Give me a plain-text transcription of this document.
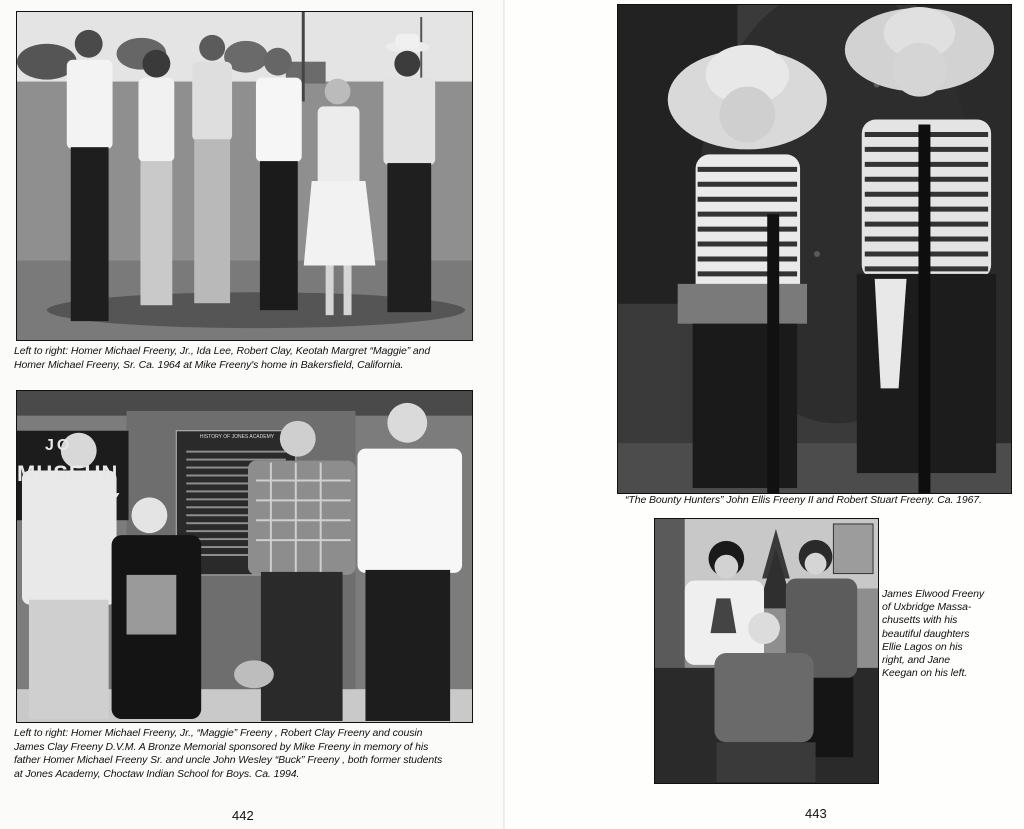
Left to right: Homer Michael Freeny, Jr., Ida Lee, Robert Clay, Keotah Margret “Maggie” and
Homer Michael Freeny, Sr. Ca. 1964 at Mike Freeny's home in Bakersfield, California.
JO
MUSEUN
Y
HISTORY OF JONES ACADEMY
Left to right: Homer Michael Freeny, Jr., “Maggie” Freeny , Robert Clay Freeny and cousin
James Clay Freeny D.V.M. A Bronze Memorial sponsored by Mike Freeny in memory of his
father Homer Michael Freeny Sr. and uncle John Wesley “Buck” Freeny , both former students
at Jones Academy, Choctaw Indian School for Boys. Ca. 1994.
442
“The Bounty Hunters” John Ellis Freeny II and Robert Stuart Freeny. Ca. 1967.
James Elwood Freeny
of Uxbridge Massa-
chusetts with his
beautiful daughters
Ellie Lagos on his
right, and Jane
Keegan on his left.
443
